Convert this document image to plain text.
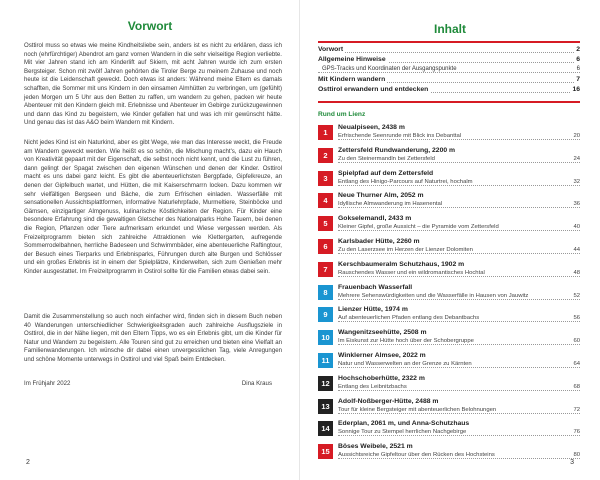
Vorwort

Osttirol muss so etwas wie meine Kindheitsliebe sein, anders ist es nicht zu erklären, dass ich noch (ehrfürchtiger) Abendrot am ganz vornen Wandern in die sehr vielseitige Region verliebte. Mit vier Jahren stand ich am Kinderlift auf Skiern, mit acht Jahren wurde ich zum ersten Bergsteiger. Schon mit zwölf Jahren gehörten die Tiroler Berge zu meinem Zuhause und noch heute ist die Leidenschaft geweckt. Doch etwas ist anders: Während meine Eltern es damals schafften, die Sommer mit uns Kindern in den einsamen Almhütten zu verbringen, um (gefühlt) jeden Morgen um 5 Uhr aus den Betten zu raffen, um wandern zu gehen, packen wir heute Abenteuer mit den Kindern gleich mit. Erlebnisse und Abenteuer im Gebirge zurückzugewinnen und dann das Kind zu begeistern, wie Kinder gefallen hat und was ich mir gewünscht hätte. Und genau das ist das A&O beim Wandern mit Kindern.

Nicht jedes Kind ist ein Naturkind, aber es gibt Wege, wie man das Interesse weckt, die Freude am Wandern geweckt werden. Wie heißt es so schön, die Mischung macht's, dazu ein Hauch von Kreativität gepaart mit der Eigenschaft, die selbst noch nicht kennt, und die Lust zu führen, dann gelingt der Spagat zwischen den eigenen Wünschen und denen der Kinder. Osttirol macht es uns dabei ganz leicht. Es gibt die abenteuerlichsten Bergpfade, Gipfelkreuze, an denen der Gipfelbuch wartet, und Hütten, die mit Kaiserschmarrn locken. Dazu kommen wir sehr vielfältigen Bergseen und Bäche, die zum Erfrischen einladen. Wasserfälle mit sensationellen Aussichtsplattformen, informative Naturlehrpfade, Murmeltiere, Steinböcke und Gämsen, einzigartiger Almgenuss, kulinarische Köstlichkeiten der Region. Für Kinder eine besondere Erfahrung sind die gewaltigen Gletscher des Nationalparks Hohe Tauern, bei denen die Region, Pflanzen oder Tiere aufmerksam erkundet und Wiese vergessen werden. Als Freizeitprogramm bieten sich zahlreiche Attraktionen wie Klettergarten, aufregende Sommerrodelbahnen, herrliche Badeseen und Schwimmbäder, eine abenteuerliche Raftingtour, der Besuch eines Tierparks und Erlebnisparks, Führungen durch alte Burgen und Schlösser und ein großes Erlebnis ist in einem der Spielplätze, Kinderwelten, sich zum Genießen mehr Kinder ausgestattet. Im Freizeitprogramm in Ostirol sollte für die Familien etwas dabei sein.

Damit die Zusammenstellung so auch noch einfacher wird, finden sich in diesem Buch neben 40 Wanderungen unterschiedlicher Schwierigkeitsgraden auch zahlreiche Ausflugsziele in Osttirol, die in der Nähe liegen, mit den Eltern Tipps, wo es ein Erlebnis gibt, um die Kinder für Natur und Wandern zu begeistern. Alle Touren sind gut zu erreichen und bieten eine Vielfalt an Familienwanderungen. Ich wünsche dir dabei einen unvergesslichen Tag, viele Anregungen und schöne Momente unterwegs in Osttirol und viel Spaß beim Entdecken.

Im Frühjahr 2022	Dina Kraus
2
Inhalt
Vorwort	2
Allgemeine Hinweise	6
GPS-Tracks und Koordinaten der Ausgangspunkte	6
Mit Kindern wandern	7
Osttirol erwandern und entdecken	16
Rund um Lienz
1
Neualpiseen, 2438 m
Erfrischende Seenrunde mit Blick ins Debanttal	20
2
Zettersfeld Rundwanderung, 2200 m
Zu den Steinermandln bei Zettersfeld	24
3
Spielpfad auf dem Zettersfeld
Entlang des Hinigo-Parcours auf Naturtrei, hochalm	32
4
Neue Thurner Alm, 2052 m
Idyllische Almwanderung im Hasenental	36
5
Gokselemandl, 2433 m
Kleiner Gipfel, große Aussicht – die Pyramide vom Zettersfeld	40
6
Karlsbader Hütte, 2260 m
Zu den Laserzsee im Herzen der Lienzer Dolomiten	44
7
Kerschbaumeralm Schutzhaus, 1902 m
Rauschendes Wasser und ein wildromantisches Hochtal	48
8
Frauenbach Wasserfall
Mehrere Sehenswürdigkeiten und die Wasserfälle in Hausen von Jauwitz	52
9
Lienzer Hütte, 1974 m
Auf abenteuerlichen Pfaden entlang des Debantbachs	56
10
Wangenitzseehütte, 2508 m
Im Eiskunst zur Hütte hoch über der Schobergruppe	60
11
Winklerner Almsee, 2022 m
Natur und Wasserwelten an der Grenze zu Kärnten	64
12
Hochschoberhütte, 2322 m
Entlang des Leibnitzbachs	68
13
Adolf-Noßberger-Hütte, 2488 m
Tour für kleine Bergsteiger mit abenteuerlichen Belohnungen	72
14
Ederplan, 2061 m, und Anna-Schutzhaus
Sonnige Tour zu Stempel herrlichen Nachgebirge	76
15
Böses Weibele, 2521 m
Aussichtsreiche Gipfeltour über den Rücken des Hochsteins	80
3
